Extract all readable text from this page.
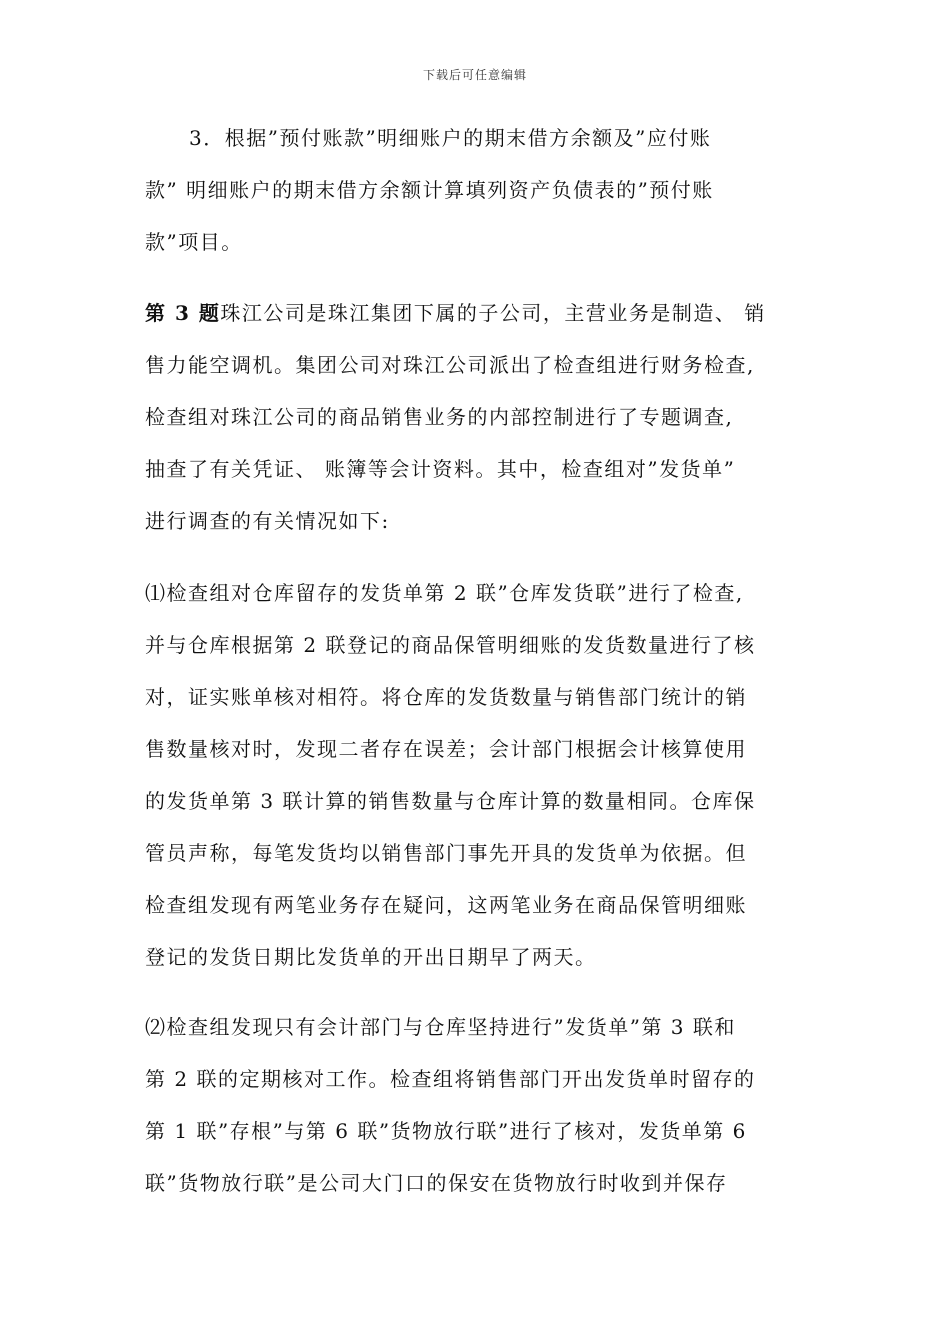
下载后可任意编辑
3．根据”预付账款”明细账户的期末借方余额及”应付账
款” 明细账户的期末借方余额计算填列资产负债表的”预付账
款”项目。
第 3 题珠江公司是珠江集团下属的子公司，主营业务是制造、 销
售力能空调机。集团公司对珠江公司派出了检查组进行财务检查,
检查组对珠江公司的商品销售业务的内部控制进行了专题调查,
抽查了有关凭证、 账簿等会计资料。其中，检查组对”发货单”
进行调查的有关情况如下:
⑴检查组对仓库留存的发货单第 2 联”仓库发货联”进行了检查,
并与仓库根据第 2 联登记的商品保管明细账的发货数量进行了核
对，证实账单核对相符。将仓库的发货数量与销售部门统计的销
售数量核对时，发现二者存在误差；会计部门根据会计核算使用
的发货单第 3 联计算的销售数量与仓库计算的数量相同。仓库保
管员声称，每笔发货均以销售部门事先开具的发货单为依据。但
检查组发现有两笔业务存在疑问，这两笔业务在商品保管明细账
登记的发货日期比发货单的开出日期早了两天。
⑵检查组发现只有会计部门与仓库坚持进行”发货单”第 3 联和
第 2 联的定期核对工作。检查组将销售部门开出发货单时留存的
第 1 联”存根”与第 6 联”货物放行联”进行了核对，发货单第 6
联”货物放行联”是公司大门口的保安在货物放行时收到并保存
